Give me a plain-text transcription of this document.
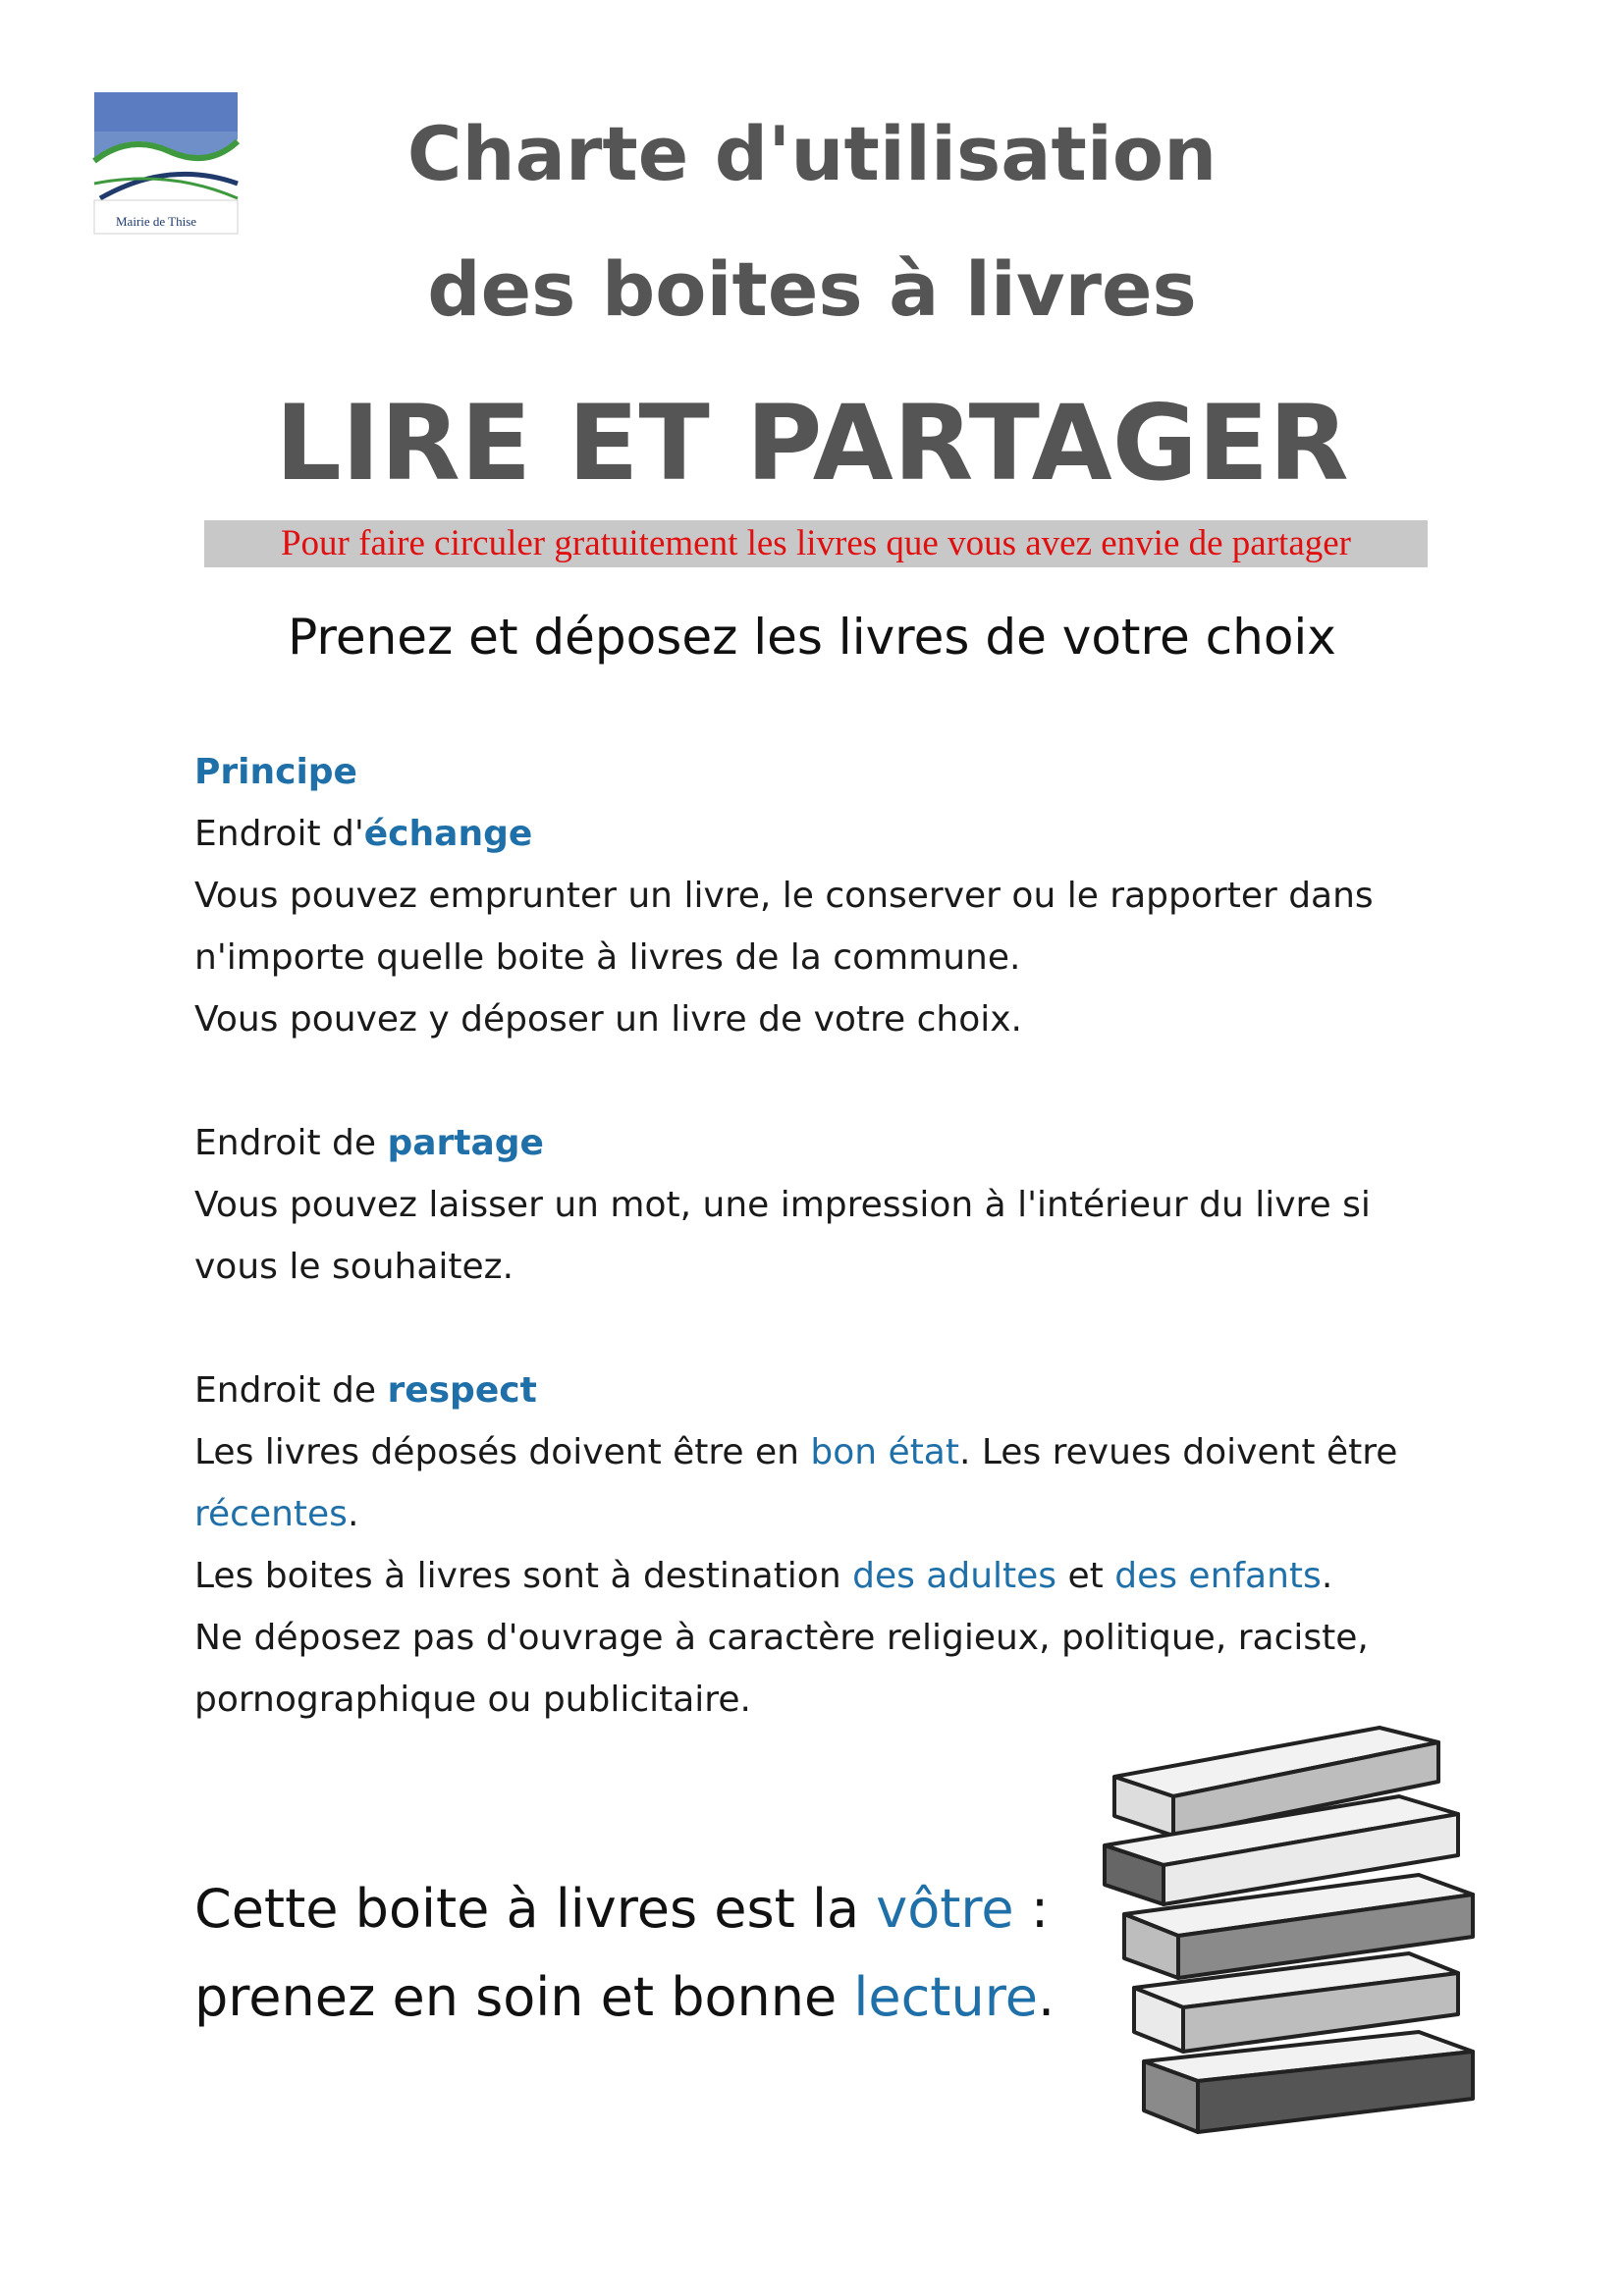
Mairie de Thise
Charte d'utilisation
des boites à livres
LIRE ET PARTAGER
Pour faire circuler gratuitement les livres que vous avez envie de partager
Prenez et déposez les livres de votre choix
Principe
Endroit d'échange
Vous pouvez emprunter un livre, le conserver ou le rapporter dans
n'importe quelle boite à livres de la commune.
Vous pouvez y déposer un livre de votre choix.
Endroit de partage
Vous pouvez laisser un mot, une impression à l'intérieur du livre si
vous le souhaitez.
Endroit de respect
Les livres déposés doivent être en bon état. Les revues doivent être
récentes.
Les boites à livres sont à destination des adultes et des enfants.
Ne déposez pas d'ouvrage à caractère religieux, politique, raciste,
pornographique ou publicitaire.
Cette boite à livres est la vôtre :
prenez en soin et bonne lecture.
